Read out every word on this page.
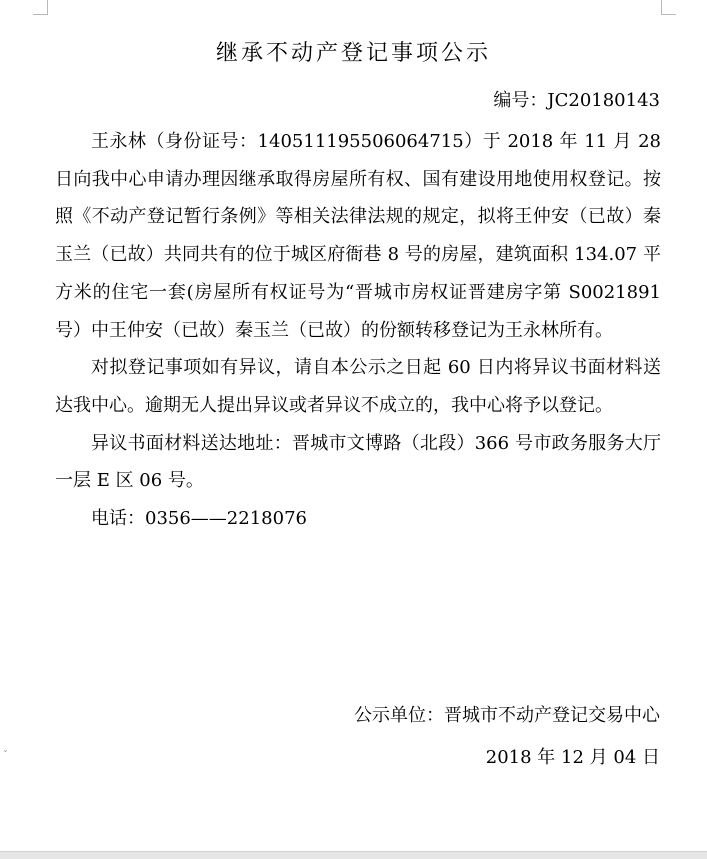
继承不动产登记事项公示
编号：JC20180143

王永林（身份证号：140511195506064715）于 2018 年 11 月 28 日向我中心申请办理因继承取得房屋所有权、国有建设用地使用权登记。按照《不动产登记暂行条例》等相关法律法规的规定，拟将王仲安（已故）秦玉兰（已故）共同共有的位于城区府衙巷 8 号的房屋，建筑面积 134.07 平方米的住宅一套(房屋所有权证号为“晋城市房权证晋建房字第 S0021891 号）中王仲安（已故）秦玉兰（已故）的份额转移登记为王永林所有。

对拟登记事项如有异议，请自本公示之日起 60 日内将异议书面材料送达我中心。逾期无人提出异议或者异议不成立的，我中心将予以登记。

异议书面材料送达地址：晋城市文博路（北段）366 号市政务服务大厅一层 E 区 06 号。

电话：0356——2218076

公示单位：晋城市不动产登记交易中心
2018 年 12 月 04 日
⌄
